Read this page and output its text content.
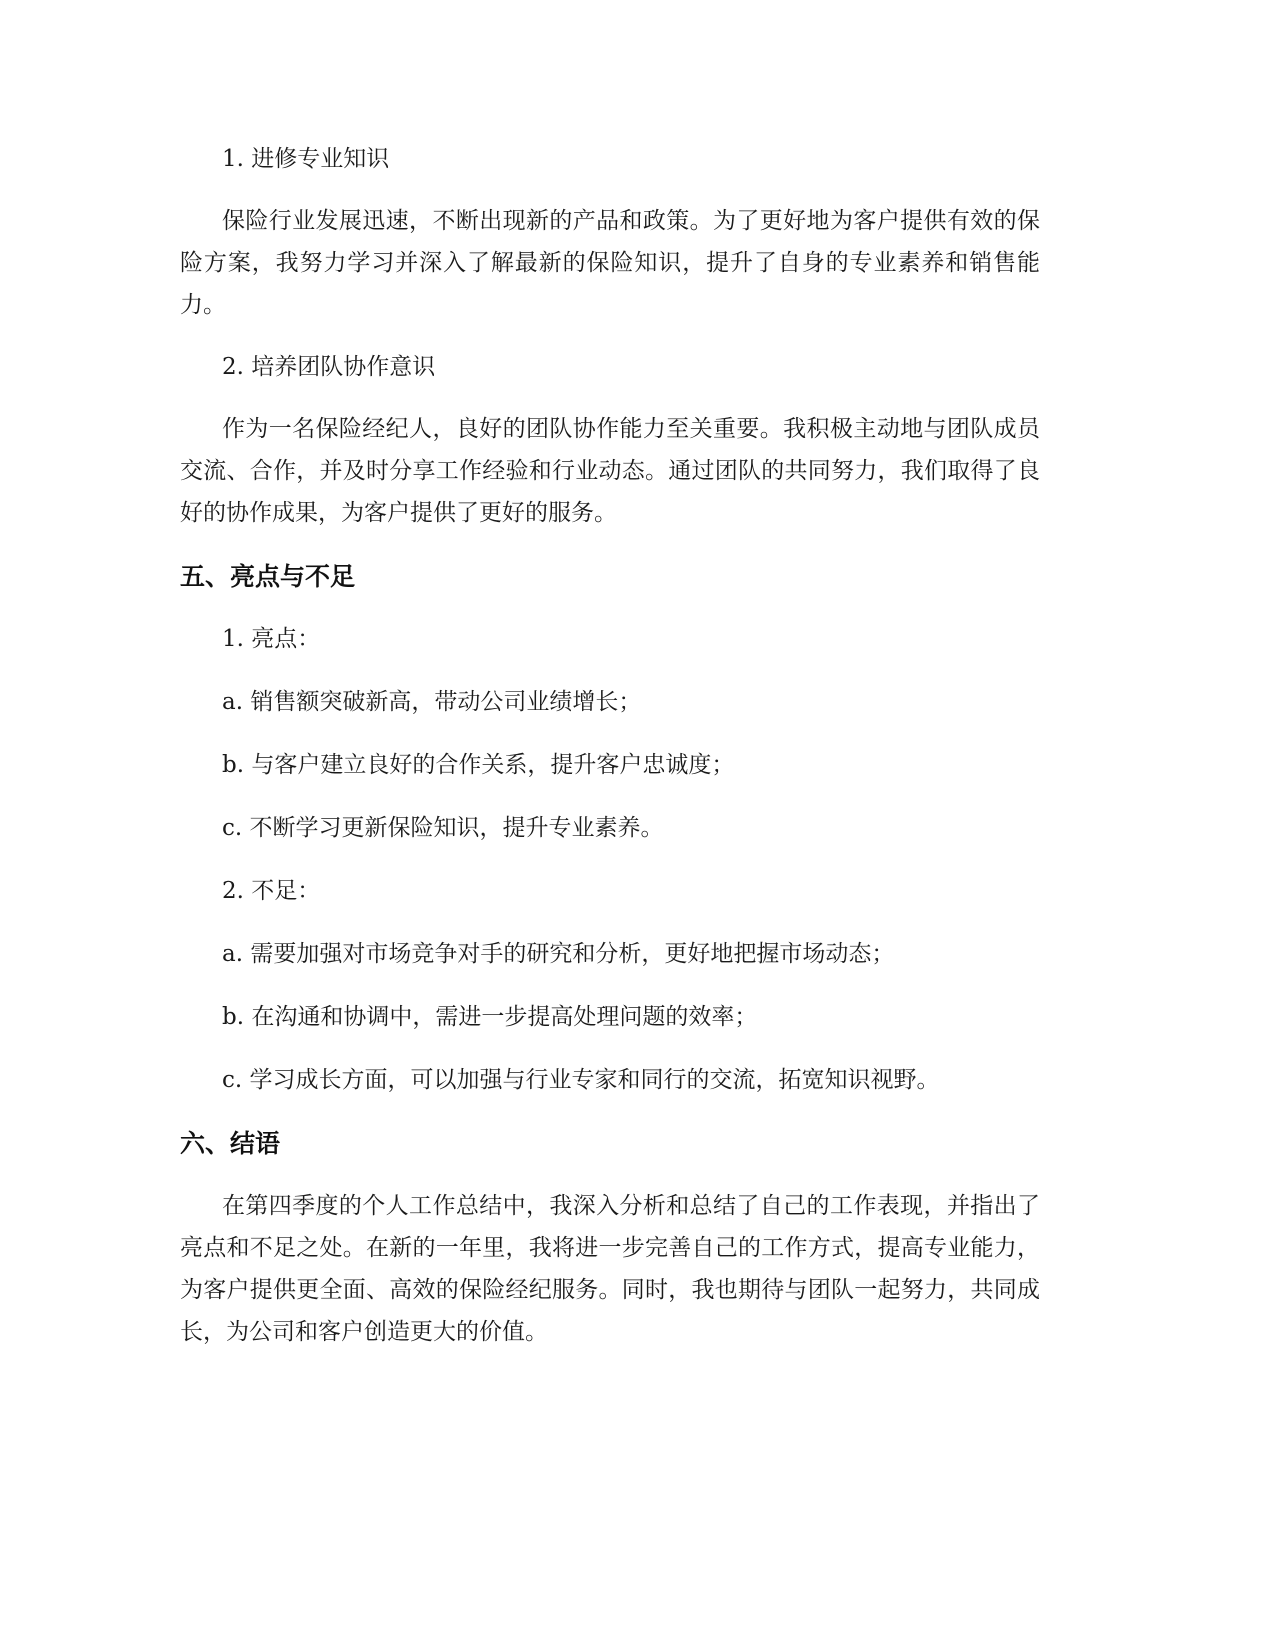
1. 进修专业知识

保险行业发展迅速，不断出现新的产品和政策。为了更好地为客户提供有效的保险方案，我努力学习并深入了解最新的保险知识，提升了自身的专业素养和销售能力。

2. 培养团队协作意识

作为一名保险经纪人，良好的团队协作能力至关重要。我积极主动地与团队成员交流、合作，并及时分享工作经验和行业动态。通过团队的共同努力，我们取得了良好的协作成果，为客户提供了更好的服务。

五、亮点与不足

1. 亮点：

a. 销售额突破新高，带动公司业绩增长；

b. 与客户建立良好的合作关系，提升客户忠诚度；

c. 不断学习更新保险知识，提升专业素养。

2. 不足：

a. 需要加强对市场竞争对手的研究和分析，更好地把握市场动态；

b. 在沟通和协调中，需进一步提高处理问题的效率；

c. 学习成长方面，可以加强与行业专家和同行的交流，拓宽知识视野。

六、结语

在第四季度的个人工作总结中，我深入分析和总结了自己的工作表现，并指出了亮点和不足之处。在新的一年里，我将进一步完善自己的工作方式，提高专业能力，为客户提供更全面、高效的保险经纪服务。同时，我也期待与团队一起努力，共同成长，为公司和客户创造更大的价值。
